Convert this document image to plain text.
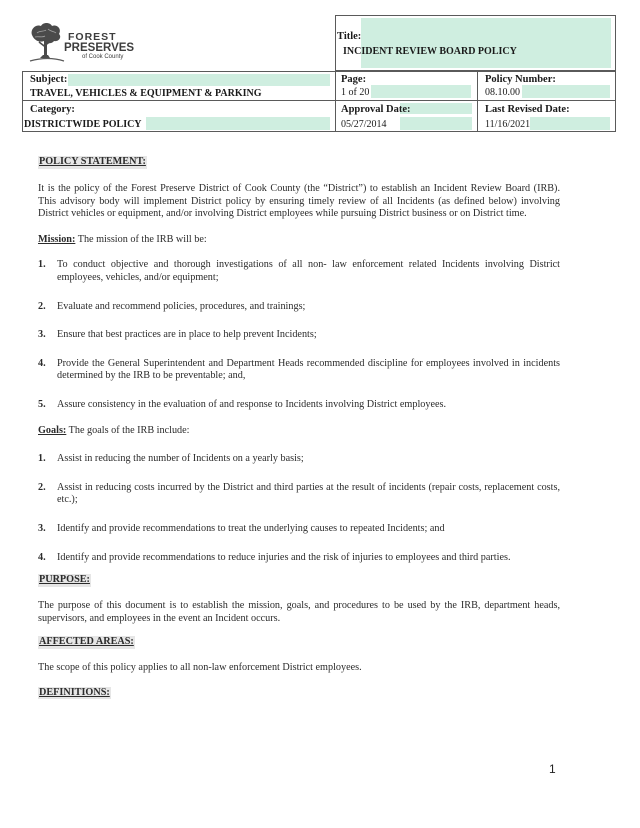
FOREST
PRESERVES
of Cook County
Title:
INCIDENT REVIEW BOARD POLICY
Subject:
TRAVEL, VEHICLES & EQUIPMENT & PARKING
Page:
1 of 20
Policy Number:
08.10.00
Category:
DISTRICTWIDE POLICY
Approval Date:
05/27/2014
Last Revised Date:
11/16/2021
POLICY STATEMENT:

It is the policy of the Forest Preserve District of Cook County (the “District”) to establish an Incident Review Board (IRB). This advisory body will implement District policy by ensuring timely review of all Incidents (as defined below) involving District vehicles or equipment, and/or involving District employees while pursuing District business or on District time.

Mission: The mission of the IRB will be:

1. To conduct objective and thorough investigations of all non- law enforcement related Incidents involving District employees, vehicles, and/or equipment;

2. Evaluate and recommend policies, procedures, and trainings;

3. Ensure that best practices are in place to help prevent Incidents;

4. Provide the General Superintendent and Department Heads recommended discipline for employees involved in incidents determined by the IRB to be preventable; and,

5. Assure consistency in the evaluation of and response to Incidents involving District employees.

Goals: The goals of the IRB include:

1. Assist in reducing the number of Incidents on a yearly basis;

2. Assist in reducing costs incurred by the District and third parties at the result of incidents (repair costs, replacement costs, etc.);

3. Identify and provide recommendations to treat the underlying causes to repeated Incidents; and

4. Identify and provide recommendations to reduce injuries and the risk of injuries to employees and third parties.

PURPOSE:

The purpose of this document is to establish the mission, goals, and procedures to be used by the IRB, department heads, supervisors, and employees in the event an Incident occurs.

AFFECTED AREAS:

The scope of this policy applies to all non-law enforcement District employees.

DEFINITIONS:
1
